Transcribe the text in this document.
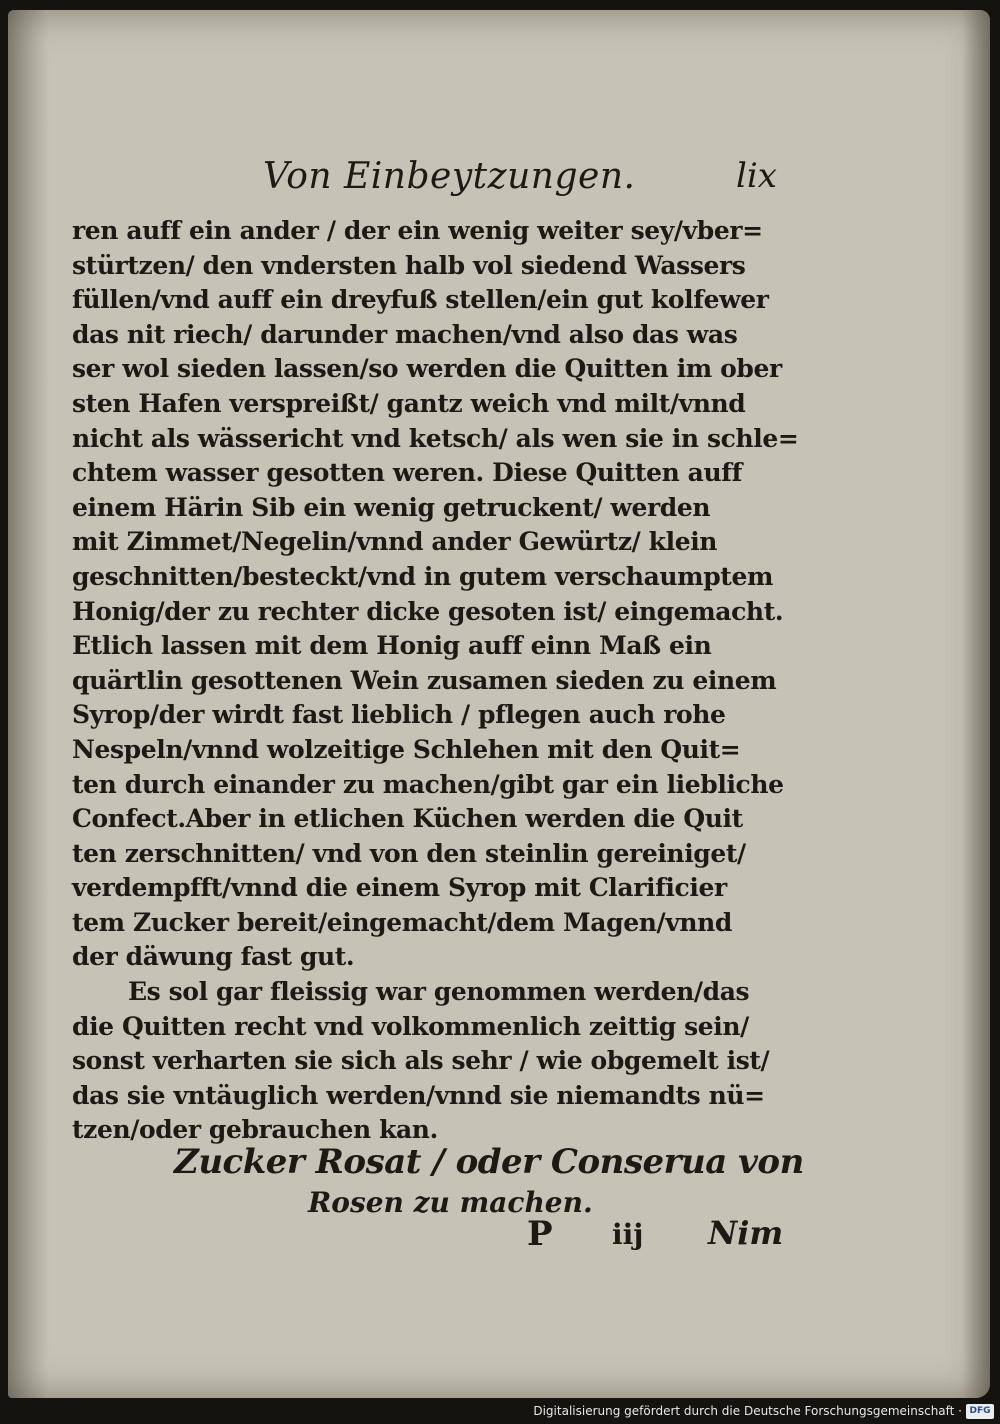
Von Einbeytzungen.	lix
ren auff ein ander / der ein wenig weiter sey/vber=
stürtzen/ den vndersten halb vol siedend Wassers
füllen/vnd auff ein dreyfuß stellen/ein gut kolfewer
das nit riech/ darunder machen/vnd also das was
ser wol sieden lassen/so werden die Quitten im ober
sten Hafen verspreißt/ gantz weich vnd milt/vnnd
nicht als wässericht vnd ketsch/ als wen sie in schle=
chtem wasser gesotten weren. Diese Quitten auff
einem Härin Sib ein wenig getruckent/ werden
mit Zimmet/Negelin/vnnd ander Gewürtz/ klein
geschnitten/besteckt/vnd in gutem verschaumptem
Honig/der zu rechter dicke gesoten ist/ eingemacht.
Etlich lassen mit dem Honig auff einn Maß ein
quärtlin gesottenen Wein zusamen sieden zu einem
Syrop/der wirdt fast lieblich / pflegen auch rohe
Nespeln/vnnd wolzeitige Schlehen mit den Quit=
ten durch einander zu machen/gibt gar ein liebliche
Confect.Aber in etlichen Küchen werden die Quit
ten zerschnitten/ vnd von den steinlin gereiniget/
verdempfft/vnnd die einem Syrop mit Clarificier
tem Zucker bereit/eingemacht/dem Magen/vnnd
der däwung fast gut.
Es sol gar fleissig war genommen werden/das
die Quitten recht vnd volkommenlich zeittig sein/
sonst verharten sie sich als sehr / wie obgemelt ist/
das sie vntäuglich werden/vnnd sie niemandts nü=
tzen/oder gebrauchen kan.
Zucker Rosat / oder Conserua von
Rosen zu machen.
P iij Nim
Digitalisierung gefördert durch die Deutsche Forschungsgemeinschaft · DFG
